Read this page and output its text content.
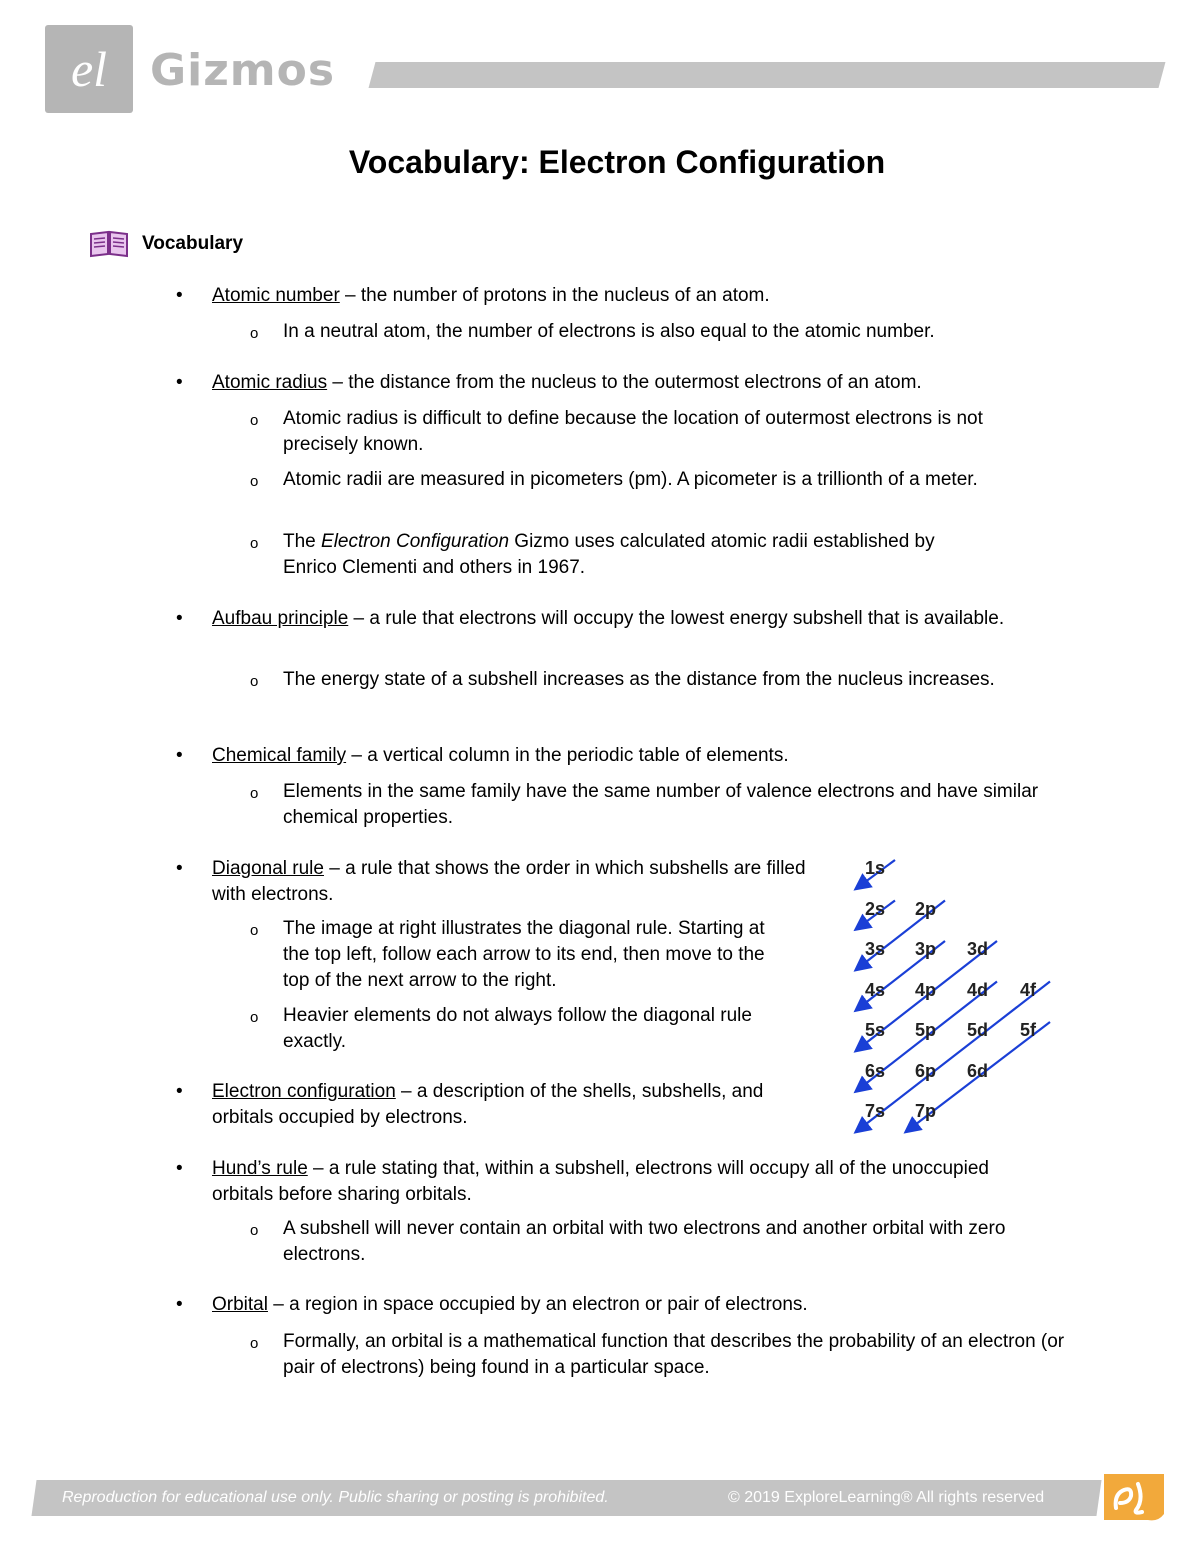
el Gizmos
Vocabulary: Electron Configuration
Vocabulary
• Atomic number – the number of protons in the nucleus of an atom.
o In a neutral atom, the number of electrons is also equal to the atomic number.
• Atomic radius – the distance from the nucleus to the outermost electrons of an atom.
o Atomic radius is difficult to define because the location of outermost electrons is not precisely known.
o Atomic radii are measured in picometers (pm). A picometer is a trillionth of a meter.
o The Electron Configuration Gizmo uses calculated atomic radii established by
Enrico Clementi and others in 1967.
• Aufbau principle – a rule that electrons will occupy the lowest energy subshell that is available.
o The energy state of a subshell increases as the distance from the nucleus increases.
• Chemical family – a vertical column in the periodic table of elements.
o Elements in the same family have the same number of valence electrons and have similar chemical properties.
• Diagonal rule – a rule that shows the order in which subshells are filled with electrons.
o The image at right illustrates the diagonal rule. Starting at the top left, follow each arrow to its end, then move to the top of the next arrow to the right.
o Heavier elements do not always follow the diagonal rule exactly.
• Electron configuration – a description of the shells, subshells, and orbitals occupied by electrons.
• Hund’s rule – a rule stating that, within a subshell, electrons will occupy all of the unoccupied orbitals before sharing orbitals.
o A subshell will never contain an orbital with two electrons and another orbital with zero electrons.
• Orbital – a region in space occupied by an electron or pair of electrons.
o Formally, an orbital is a mathematical function that describes the probability of an electron (or pair of electrons) being found in a particular space.
1s
2s 2p
3s 3p 3d
4s 4p 4d 4f
5s 5p 5d 5f
6s 6p 6d
7s 7p
Reproduction for educational use only. Public sharing or posting is prohibited.	© 2019 ExploreLearning® All rights reserved
